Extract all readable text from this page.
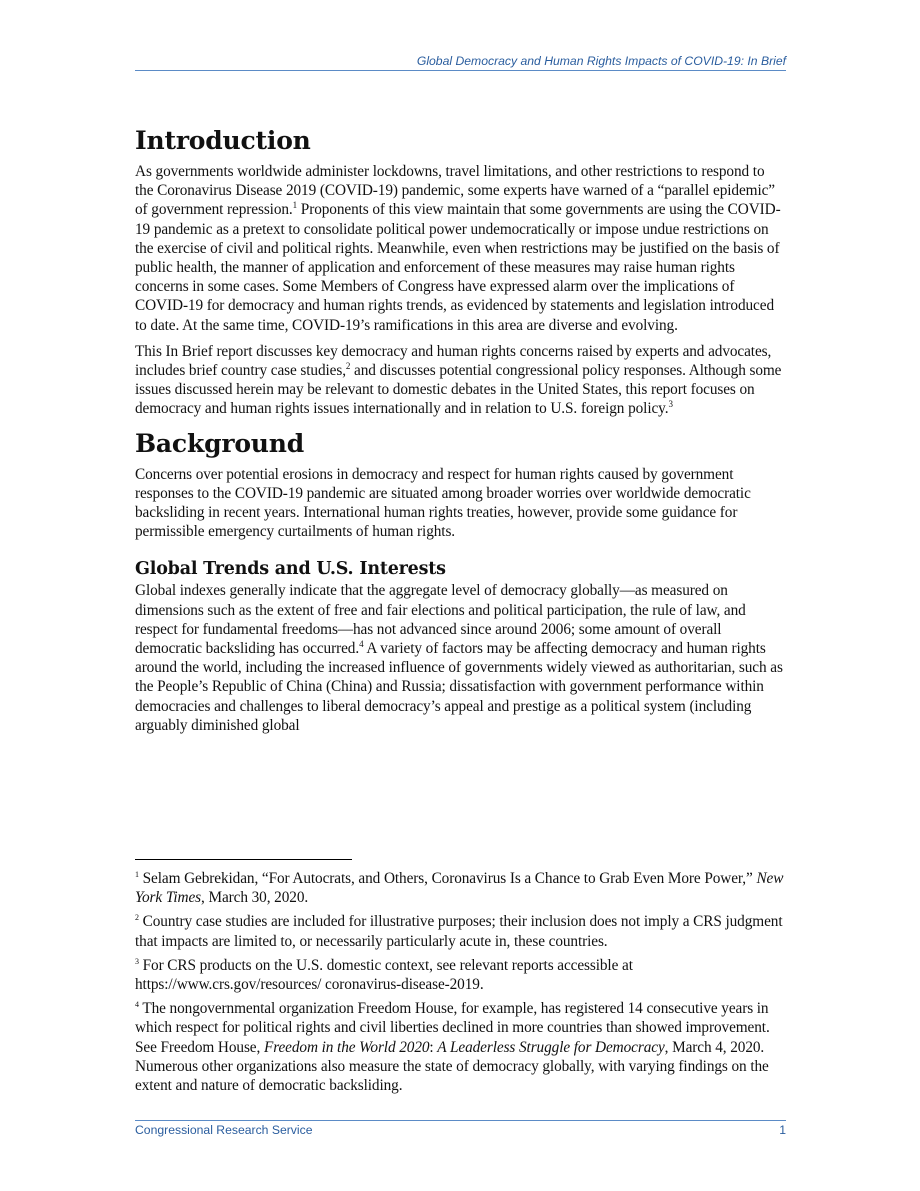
Global Democracy and Human Rights Impacts of COVID-19: In Brief
Introduction

As governments worldwide administer lockdowns, travel limitations, and other restrictions to respond to the Coronavirus Disease 2019 (COVID-19) pandemic, some experts have warned of a “parallel epidemic” of government repression.$^1$ Proponents of this view maintain that some governments are using the COVID-19 pandemic as a pretext to consolidate political power undemocratically or impose undue restrictions on the exercise of civil and political rights. Meanwhile, even when restrictions may be justified on the basis of public health, the manner of application and enforcement of these measures may raise human rights concerns in some cases. Some Members of Congress have expressed alarm over the implications of COVID-19 for democracy and human rights trends, as evidenced by statements and legislation introduced to date. At the same time, COVID-19’s ramifications in this area are diverse and evolving.

This In Brief report discusses key democracy and human rights concerns raised by experts and advocates, includes brief country case studies,$^2$ and discusses potential congressional policy responses. Although some issues discussed herein may be relevant to domestic debates in the United States, this report focuses on democracy and human rights issues internationally and in relation to U.S. foreign policy.$^3$

Background

Concerns over potential erosions in democracy and respect for human rights caused by government responses to the COVID-19 pandemic are situated among broader worries over worldwide democratic backsliding in recent years. International human rights treaties, however, provide some guidance for permissible emergency curtailments of human rights.

Global Trends and U.S. Interests

Global indexes generally indicate that the aggregate level of democracy globally—as measured on dimensions such as the extent of free and fair elections and political participation, the rule of law, and respect for fundamental freedoms—has not advanced since around 2006; some amount of overall democratic backsliding has occurred.$^4$ A variety of factors may be affecting democracy and human rights around the world, including the increased influence of governments widely viewed as authoritarian, such as the People’s Republic of China (China) and Russia; dissatisfaction with government performance within democracies and challenges to liberal democracy’s appeal and prestige as a political system (including arguably diminished global

$^1$ Selam Gebrekidan, “For Autocrats, and Others, Coronavirus Is a Chance to Grab Even More Power,” New York Times, March 30, 2020.

$^2$ Country case studies are included for illustrative purposes; their inclusion does not imply a CRS judgment that impacts are limited to, or necessarily particularly acute in, these countries.

$^3$ For CRS products on the U.S. domestic context, see relevant reports accessible at https://www.crs.gov/resources/ coronavirus-disease-2019.

$^4$ The nongovernmental organization Freedom House, for example, has registered 14 consecutive years in which respect for political rights and civil liberties declined in more countries than showed improvement. See Freedom House, Freedom in the World 2020: A Leaderless Struggle for Democracy, March 4, 2020. Numerous other organizations also measure the state of democracy globally, with varying findings on the extent and nature of democratic backsliding.

Congressional Research Service	1
